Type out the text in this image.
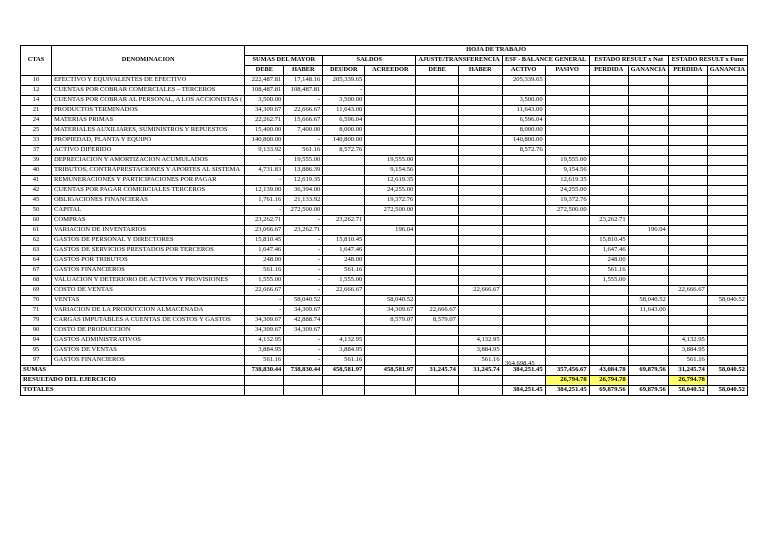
CTAS	DENOMINACION	HOJA DE TRABAJO											
		SUMAS DEL MAYOR		SALDOS		AJUSTE/TRANSFERENCIA		ESF - BALANCE GENERAL		ESTADO RESULT x Nat		ESTADO RESULT x Func	
		DEBE	HABER	DEUDOR	ACREEDOR	DEBE	HABER	ACTIVO	PASIVO	PERDIDA	GANANCIA	PERDIDA	GANANCIA
10	EFECTIVO Y EQUIVALENTES DE EFECTIVO	222,487.81	17,148.16	205,339.65				205,339.65					
12	CUENTAS POR COBRAR COMERCIALES – TERCEROS	108,487.81	108,487.81	-									
14	CUENTAS POR COBRAR AL PERSONAL, A LOS ACCIONISTAS (	3,500.00	-	3,500.00				3,500.00					
21	PRODUCTOS TERMINADOS	34,309.67	22,666.67	11,643.00				11,643.00					
24	MATERIAS PRIMAS	22,262.71	15,666.67	6,596.04				6,596.04					
25	MATERIALES AUXILIARES, SUMINISTROS Y REPUESTOS	15,400.00	7,400.00	8,000.00				8,000.00					
33	PROPIEDAD, PLANTA Y EQUIPO	140,800.00	-	140,800.00				140,800.00					
37	ACTIVO DIFERIDO	9,133.92	561.16	8,572.76				8,572.76					
39	DEPRECIACION Y AMORTIZACION ACUMULADOS	-	19,555.00		19,555.00				19,555.00				
40	TRIBUTOS, CONTRAPRESTACIONES Y APORTES AL SISTEMA	4,731.83	13,886.39		9,154.56				9,154.56				
41	REMUNERACIONES Y PARTICIPACIONES POR PAGAR	-	12,619.35		12,619.35				12,619.35				
42	CUENTAS POR PAGAR COMERCIALES TERCEROS	12,139.00	36,394.00		24,255.00				24,255.00				
45	OBLIGACIONES FINANCIERAS	1,761.16	21,133.92		19,372.76				19,372.76				
50	CAPITAL	-	272,500.00		272,500.00				272,500.00				
60	COMPRAS	23,262.71	-	23,262.71						23,262.71			
61	VARIACION DE INVENTARIOS	23,066.67	23,262.71		196.04						196.04		
62	GASTOS DE PERSONAL Y DIRECTORES	15,810.45	-	15,810.45						15,810.45			
63	GASTOS DE SERVICIOS PRESTADOS POR TERCEROS	1,647.46	-	1,647.46						1,647.46			
64	GASTOS POR TRIBUTOS	248.00	-	248.00						248.00			
67	GASTOS FINANCIEROS	561.16	-	561.16						561.16			
68	VALUACION Y DETERIORO DE ACTIVOS Y PROVISIONES	1,555.00	-	1,555.00						1,555.00			
69	COSTO DE VENTAS	22,666.67	-	22,666.67			22,666.67					22,666.67	
70	VENTAS	-	58,040.52		58,040.52						58,040.52		58,040.52
71	VARIACION DE LA PRODUCCION ALMACENADA	-	34,309.67		34,309.67	22,666.67					11,643.00		
79	CARGAS IMPUTABLES A CUENTAS DE COSTOS Y GASTOS	34,309.67	42,888.74		8,579.07	8,579.07							
90	COSTO DE PRODUCCIÓN	34,309.67	34,309.67										
94	GASTOS ADMINISTRATIVOS	4,132.95	-	4,132.95			4,132.95					4,132.95	
95	GASTOS DE VENTAS	3,884.95	-	3,884.95			3,884.95					3,884.95	
97	GASTOS FINANCIEROS	561.16	-	561.16			561.16					561.16	
SUMAS		738,830.44	738,830.44	458,581.97	458,581.97	31,245.74	31,245.74	384,251.45	357,456.67	43,084.78	69,879.56	31,245.74	58,040.52
RESULTADO DEL EJERCICIO									26,794.78	26,794.78		26,794.78	
TOTALES								384,251.45	384,251.45	69,879.56	69,879.56	58,040.52	58,040.52
364,698.45
